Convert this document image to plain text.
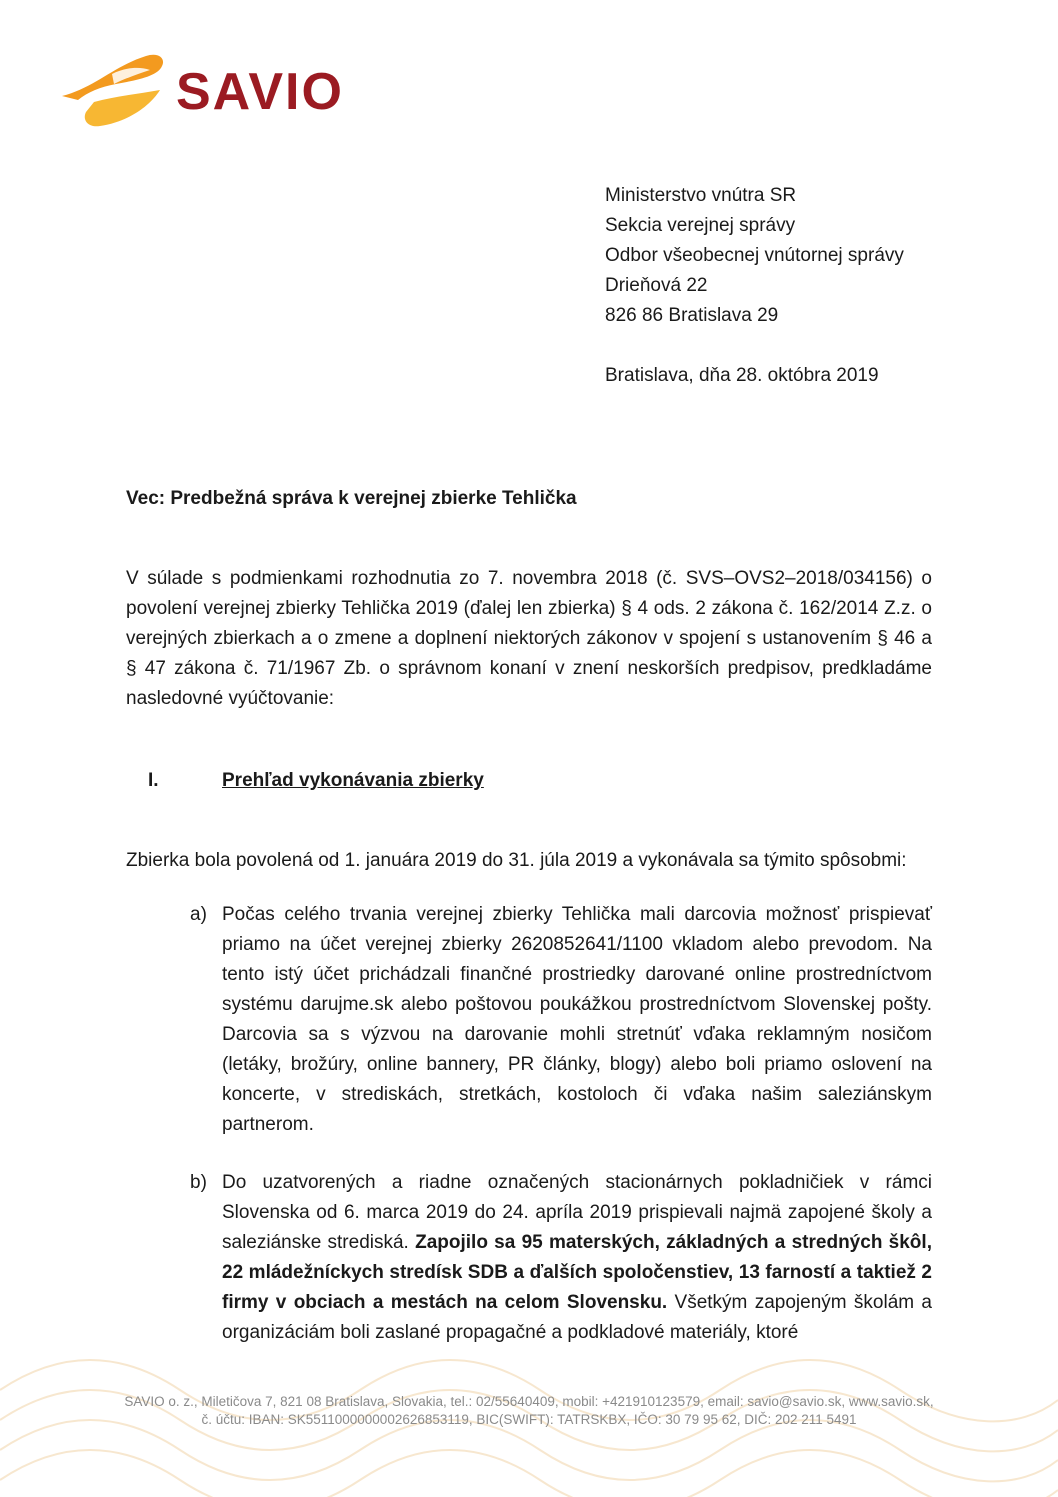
SAVIO
Ministerstvo vnútra SR
Sekcia verejnej správy
Odbor všeobecnej vnútornej správy
Drieňová 22
826 86 Bratislava 29
Bratislava, dňa 28. októbra 2019
Vec: Predbežná správa k verejnej zbierke Tehlička
V súlade s podmienkami rozhodnutia zo 7. novembra 2018 (č. SVS–OVS2–2018/034156) o povolení verejnej zbierky Tehlička 2019 (ďalej len zbierka) § 4 ods. 2 zákona č. 162/2014 Z.z. o verejných zbierkach a o zmene a doplnení niektorých zákonov v spojení s ustanovením § 46 a § 47 zákona č. 71/1967 Zb. o správnom konaní v znení neskorších predpisov, predkladáme nasledovné vyúčtovanie:
I.	Prehľad vykonávania zbierky
Zbierka bola povolená od 1. januára 2019 do 31. júla 2019 a vykonávala sa týmito spôsobmi:
a) Počas celého trvania verejnej zbierky Tehlička mali darcovia možnosť prispievať priamo na účet verejnej zbierky 2620852641/1100 vkladom alebo prevodom. Na tento istý účet prichádzali finančné prostriedky darované online prostredníctvom systému darujme.sk alebo poštovou poukážkou prostredníctvom Slovenskej pošty. Darcovia sa s výzvou na darovanie mohli stretnúť vďaka reklamným nosičom (letáky, brožúry, online bannery, PR články, blogy) alebo boli priamo oslovení na koncerte, v strediskách, stretkách, kostoloch či vďaka našim saleziánskym partnerom.
b) Do uzatvorených a riadne označených stacionárnych pokladničiek v rámci Slovenska od 6. marca 2019 do 24. apríla 2019 prispievali najmä zapojené školy a saleziánske strediská. Zapojilo sa 95 materských, základných a stredných škôl, 22 mládežníckych stredísk SDB a ďalších spoločenstiev, 13 farností a taktiež 2 firmy v obciach a mestách na celom Slovensku. Všetkým zapojeným školám a organizáciám boli zaslané propagačné a podkladové materiály, ktoré
SAVIO o. z., Miletičova 7, 821 08 Bratislava, Slovakia, tel.: 02/55640409, mobil: +421910123579, email: savio@savio.sk, www.savio.sk,
č. účtu: IBAN: SK5511000000002626853119, BIC(SWIFT): TATRSKBX, IČO: 30 79 95 62, DIČ: 202 211 5491
